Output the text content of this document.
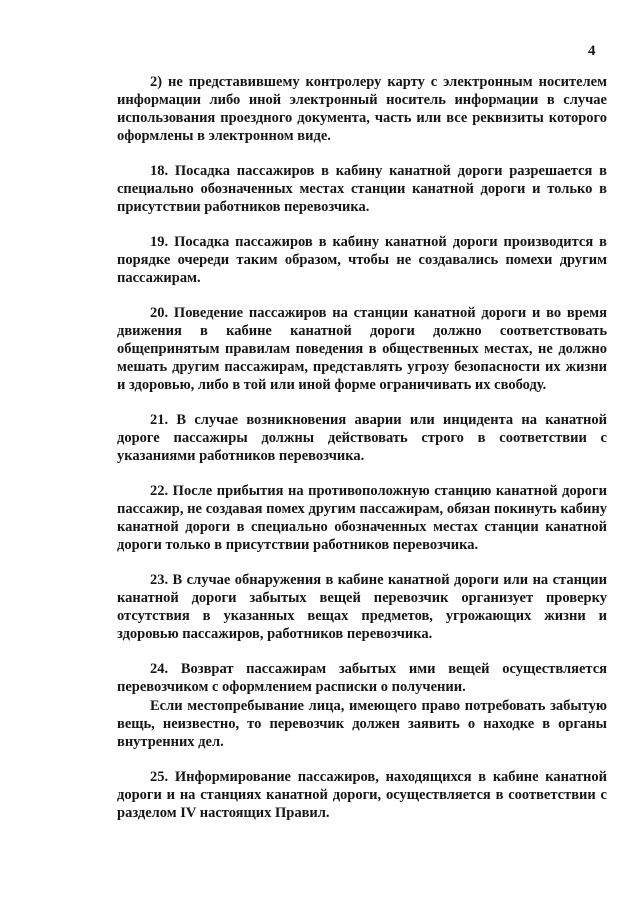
4

2) не представившему контролеру карту с электронным носителем информации либо иной электронный носитель информации в случае использования проездного документа, часть или все реквизиты которого оформлены в электронном виде.

18. Посадка пассажиров в кабину канатной дороги разрешается в специально обозначенных местах станции канатной дороги и только в присутствии работников перевозчика.

19. Посадка пассажиров в кабину канатной дороги производится в порядке очереди таким образом, чтобы не создавались помехи другим пассажирам.

20. Поведение пассажиров на станции канатной дороги и во время движения в кабине канатной дороги должно соответствовать общепринятым правилам поведения в общественных местах, не должно мешать другим пассажирам, представлять угрозу безопасности их жизни и здоровью, либо в той или иной форме ограничивать их свободу.

21. В случае возникновения аварии или инцидента на канатной дороге пассажиры должны действовать строго в соответствии с указаниями работников перевозчика.

22. После прибытия на противоположную станцию канатной дороги пассажир, не создавая помех другим пассажирам, обязан покинуть кабину канатной дороги в специально обозначенных местах станции канатной дороги только в присутствии работников перевозчика.

23. В случае обнаружения в кабине канатной дороги или на станции канатной дороги забытых вещей перевозчик организует проверку отсутствия в указанных вещах предметов, угрожающих жизни и здоровью пассажиров, работников перевозчика.

24. Возврат пассажирам забытых ими вещей осуществляется перевозчиком с оформлением расписки о получении.

Если местопребывание лица, имеющего право потребовать забытую вещь, неизвестно, то перевозчик должен заявить о находке в органы внутренних дел.

25. Информирование пассажиров, находящихся в кабине канатной дороги и на станциях канатной дороги, осуществляется в соответствии с разделом IV настоящих Правил.
